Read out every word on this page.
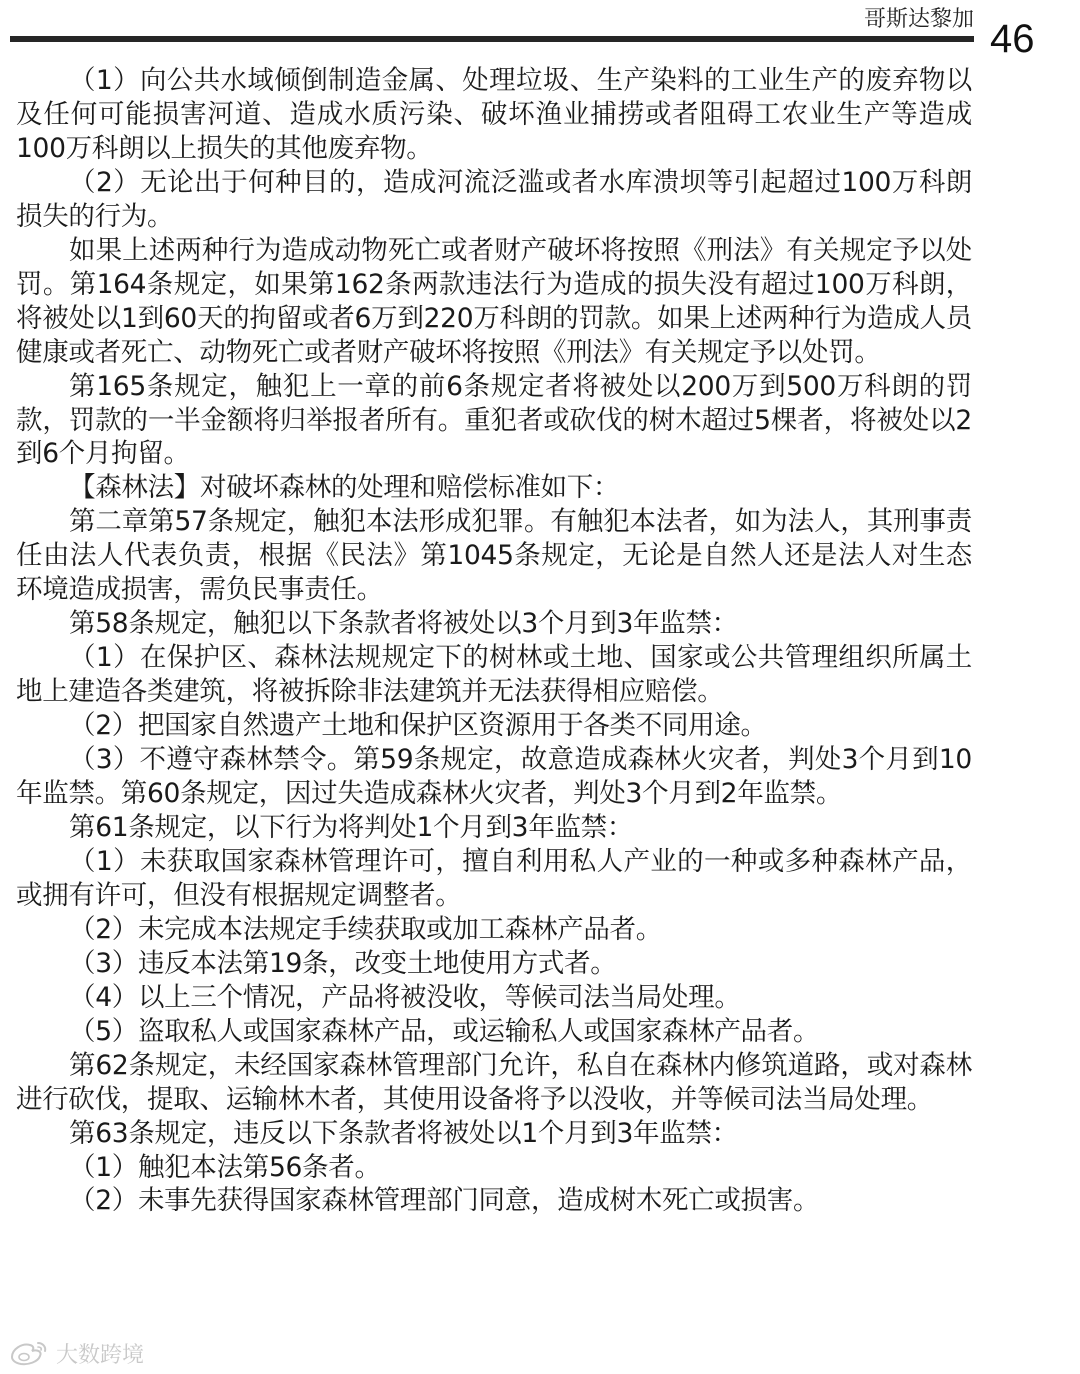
哥斯达黎加 46

（1）向公共水域倾倒制造金属、处理垃圾、生产染料的工业生产的废弃物以及任何可能损害河道、造成水质污染、破坏渔业捕捞或者阻碍工农业生产等造成100万科朗以上损失的其他废弃物。

（2）无论出于何种目的，造成河流泛滥或者水库溃坝等引起超过100万科朗损失的行为。

如果上述两种行为造成动物死亡或者财产破坏将按照《刑法》有关规定予以处罚。第164条规定，如果第162条两款违法行为造成的损失没有超过100万科朗，将被处以1到60天的拘留或者6万到220万科朗的罚款。如果上述两种行为造成人员健康或者死亡、动物死亡或者财产破坏将按照《刑法》有关规定予以处罚。

第165条规定，触犯上一章的前6条规定者将被处以200万到500万科朗的罚款，罚款的一半金额将归举报者所有。重犯者或砍伐的树木超过5棵者，将被处以2到6个月拘留。

【森林法】对破坏森林的处理和赔偿标准如下：

第二章第57条规定，触犯本法形成犯罪。有触犯本法者，如为法人，其刑事责任由法人代表负责，根据《民法》第1045条规定，无论是自然人还是法人对生态环境造成损害，需负民事责任。

第58条规定，触犯以下条款者将被处以3个月到3年监禁：

（1）在保护区、森林法规规定下的树林或土地、国家或公共管理组织所属土地上建造各类建筑，将被拆除非法建筑并无法获得相应赔偿。

（2）把国家自然遗产土地和保护区资源用于各类不同用途。

（3）不遵守森林禁令。第59条规定，故意造成森林火灾者，判处3个月到10年监禁。第60条规定，因过失造成森林火灾者，判处3个月到2年监禁。

第61条规定，以下行为将判处1个月到3年监禁：

（1）未获取国家森林管理许可，擅自利用私人产业的一种或多种森林产品，或拥有许可，但没有根据规定调整者。

（2）未完成本法规定手续获取或加工森林产品者。

（3）违反本法第19条，改变土地使用方式者。

（4）以上三个情况，产品将被没收，等候司法当局处理。

（5）盗取私人或国家森林产品，或运输私人或国家森林产品者。

第62条规定，未经国家森林管理部门允许，私自在森林内修筑道路，或对森林进行砍伐，提取、运输林木者，其使用设备将予以没收，并等候司法当局处理。

第63条规定，违反以下条款者将被处以1个月到3年监禁：

（1）触犯本法第56条者。

（2）未事先获得国家森林管理部门同意，造成树木死亡或损害。

大数跨境
